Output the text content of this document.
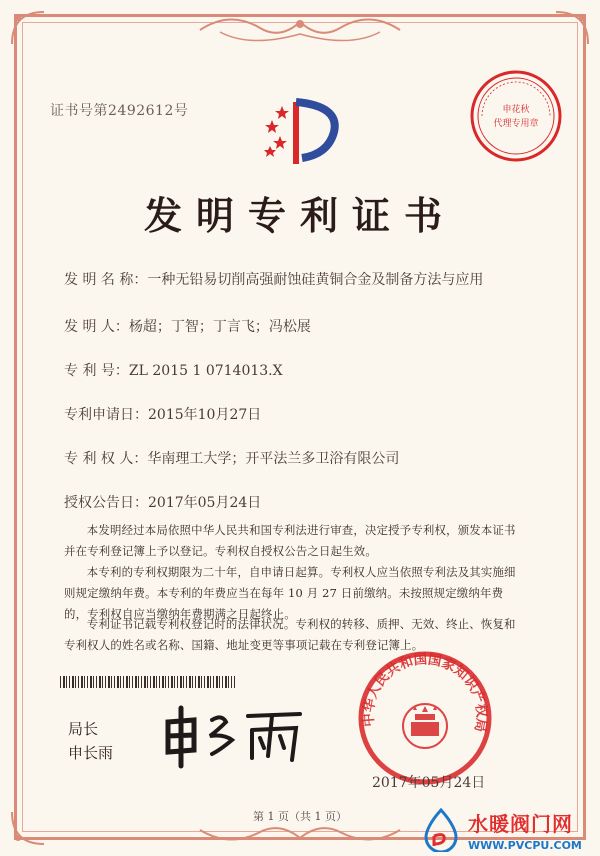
证书号第2492612号	申花秋
代理专用章
发明专利证书
发 明 名 称：一种无铅易切削高强耐蚀硅黄铜合金及制备方法与应用
发 明 人：杨超；丁智；丁言飞；冯松展
专 利 号：ZL 2015 1 0714013.X
专利申请日：2015年10月27日
专 利 权 人：华南理工大学；开平法兰多卫浴有限公司
授权公告日：2017年05月24日
本发明经过本局依照中华人民共和国专利法进行审查，决定授予专利权，颁发本证书并在专利登记簿上予以登记。专利权自授权公告之日起生效。
本专利的专利权期限为二十年，自申请日起算。专利权人应当依照专利法及其实施细则规定缴纳年费。本专利的年费应当在每年 10 月 27 日前缴纳。未按照规定缴纳年费的，专利权自应当缴纳年费期满之日起终止。
专利证书记载专利权登记时的法律状况。专利权的转移、质押、无效、终止、恢复和专利权人的姓名或名称、国籍、地址变更等事项记载在专利登记簿上。
局长
申长雨
中华人民共和国国家知识产权局
2017年05月24日
第 1 页（共 1 页）	水暖阀门网
WWW.PVCPU.COM
